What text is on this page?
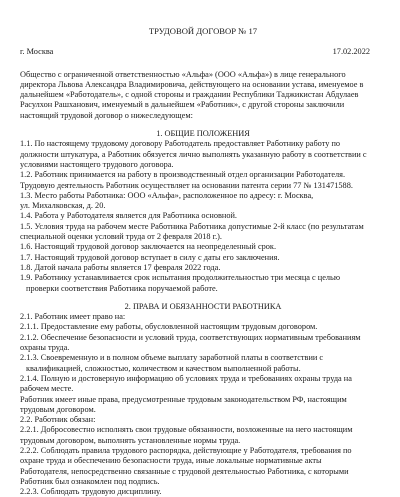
ТРУДОВОЙ ДОГОВОР № 17
г. Москва	17.02.2022

Общество с ограниченной ответственностью «Альфа» (ООО «Альфа») в лице генерального

директора Львова Александра Владимировича, действующего на основании устава, именуемое в

дальнейшем «Работодатель», с одной стороны и гражданин Республики Таджикистан Абдулаев

Расулхон Рашханович, именуемый в дальнейшем «Работник», с другой стороны заключили

настоящий трудовой договор о нижеследующем:

1. ОБЩИЕ ПОЛОЖЕНИЯ

1.1. По настоящему трудовому договору Работодатель предоставляет Работнику работу по

должности штукатура, а Работник обязуется лично выполнять указанную работу в соответствии с

условиями настоящего трудового договора.

1.2. Работник принимается на работу в производственный отдел организации Работодателя.

Трудовую деятельность Работник осуществляет на основании патента серии 77 № 131471588.

1.3. Место работы Работника: ООО «Альфа», расположенное по адресу: г. Москва,

ул. Михалковская, д. 20.

1.4. Работа у Работодателя является для Работника основной.

1.5. Условия труда на рабочем месте Работника Работника допустимые 2-й класс (по результатам

специальной оценки условий труда от 2 февраля 2018 г.).

1.6. Настоящий трудовой договор заключается на неопределенный срок.

1.7. Настоящий трудовой договор вступает в силу с даты его заключения.

1.8. Датой начала работы является 17 февраля 2022 года.

1.9. Работнику устанавливается срок испытания продолжительностью три месяца с целью

проверки соответствия Работника поручаемой работе.

2. ПРАВА И ОБЯЗАННОСТИ РАБОТНИКА

2.1. Работник имеет право на:

2.1.1. Предоставление ему работы, обусловленной настоящим трудовым договором.

2.1.2. Обеспечение безопасности и условий труда, соответствующих нормативным требованиям

охраны труда.

2.1.3. Своевременную и в полном объеме выплату заработной платы в соответствии с

квалификацией, сложностью, количеством и качеством выполненной работы.

2.1.4. Полную и достоверную информацию об условиях труда и требованиях охраны труда на

рабочем месте.

Работник имеет иные права, предусмотренные трудовым законодательством РФ, настоящим

трудовым договором.

2.2. Работник обязан:

2.2.1. Добросовестно исполнять свои трудовые обязанности, возложенные на него настоящим

трудовым договором, выполнять установленные нормы труда.

2.2.2. Соблюдать правила трудового распорядка, действующие у Работодателя, требования по

охране труда и обеспечению безопасности труда, иные локальные нормативные акты

Работодателя, непосредственно связанные с трудовой деятельностью Работника, с которыми

Работник был ознакомлен под подпись.

2.2.3. Соблюдать трудовую дисциплину.
